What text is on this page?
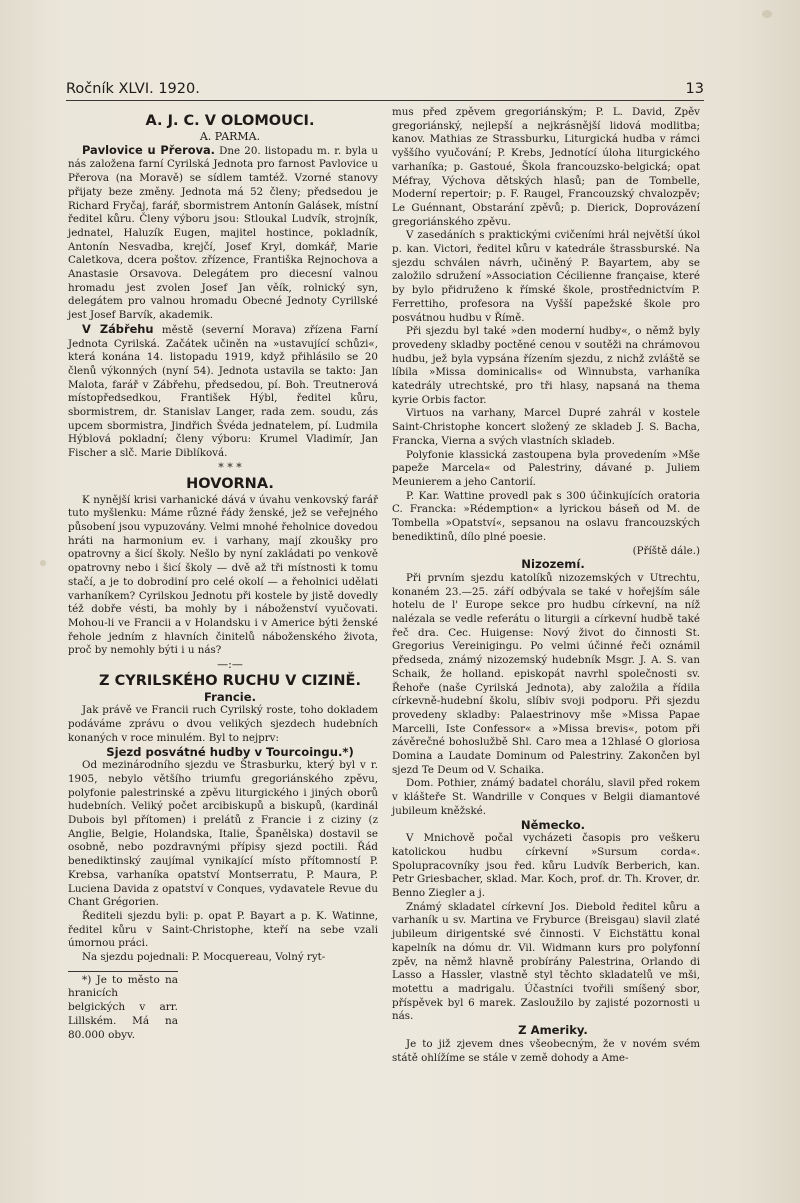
Ročník XLVI. 1920.	13

A. J. C. V OLOMOUCI.

A. PARMA.

Pavlovice u Přerova. Dne 20. listopadu m. r. byla u nás založena farní Cyrilská Jednota pro farnost Pavlovice u Přerova (na Moravě) se sídlem tamtéž. Vzorné stanovy přijaty beze změny. Jednota má 52 členy; předsedou je Richard Fryčaj, farář, sbormistrem Antonín Galásek, místní ředitel kůru. Členy výboru jsou: Stloukal Ludvík, strojník, jednatel, Haluzík Eugen, majitel hostince, pokladník, Antonín Nesvadba, krejčí, Josef Kryl, domkář, Marie Caletkova, dcera poštov. zřízence, Františka Rejnochova a Anastasie Orsavova. Delegátem pro diecesní valnou hromadu jest zvolen Josef Jan věík, rolnický syn, delegátem pro valnou hromadu Obecné Jednoty Cyrillské jest Josef Barvík, akademik.

V Zábřehu městě (severní Morava) zřízena Farní Jednota Cyrilská. Začátek učiněn na »ustavující schůzi«, která konána 14. listopadu 1919, když přihlásilo se 20 členů výkonných (nyní 54). Jednota ustavila se takto: Jan Malota, farář v Zábřehu, předsedou, pí. Boh. Treutnerová místopředsedkou, František Hýbl, ředitel kůru, sbormistrem, dr. Stanislav Langer, rada zem. soudu, zás upcem sbormistra, Jindřich Švéda jednatelem, pí. Ludmila Hýblová pokladní; členy výboru: Krumel Vladimír, Jan Fischer a slč. Marie Diblíková.

* * *

HOVORNA.

K nynější krisi varhanické dává v úvahu venkovský farář tuto myšlenku: Máme různé řády ženské, jež se veřejného působení jsou vypuzovány. Velmi mnohé řeholnice dovedou hráti na harmonium ev. i varhany, mají zkoušky pro opatrovny a šicí školy. Nešlo by nyní zakládati po venkově opatrovny nebo i šicí školy — dvě až tři místnosti k tomu stačí, a je to dobrodiní pro celé okolí — a řeholnici udělati varhaníkem? Cyrilskou Jednotu při kostele by jistě dovedly též dobře vésti, ba mohly by i náboženství vyučovati. Mohou-li ve Francii a v Holandsku i v Americe býti ženské řehole jedním z hlavních činitelů náboženského života, proč by nemohly býti i u nás?

—:—

Z CYRILSKÉHO RUCHU V CIZINĚ.

Francie.

Jak právě ve Francii ruch Cyrilský roste, toho dokladem podáváme zprávu o dvou velikých sjezdech hudebních konaných v roce minulém. Byl to nejprv:

Sjezd posvátné hudby v Tourcoingu.*)

Od mezinárodního sjezdu ve Štrasburku, který byl v r. 1905, nebylo většího triumfu gregoriánského zpěvu, polyfonie palestrinské a zpěvu liturgického i jiných oborů hudebních. Veliký počet arcibiskupů a biskupů, (kardinál Dubois byl přítomen) i prelátů z Francie i z ciziny (z Anglie, Belgie, Holandska, Italie, Španělska) dostavil se osobně, nebo pozdravnými přípisy sjezd poctili. Řád benediktinský zaujímal vynikající místo přítomností P. Krebsa, varhaníka opatství Montserratu, P. Maura, P. Luciena Davida z opatství v Conques, vydavatele Revue du Chant Grégorien.

Řediteli sjezdu byli: p. opat P. Bayart a p. K. Watinne, ředitel kůru v Saint-Christophe, kteří na sebe vzali úmornou práci.

Na sjezdu pojednali: P. Mocquereau, Volný ryt-

*) Je to město na hranicích belgických v arr. Lillském. Má na 80.000 obyv.

mus před zpěvem gregoriánským; P. L. David, Zpěv gregoriánský, nejlepší a nejkrásnější lidová modlitba; kanov. Mathias ze Strassburku, Liturgická hudba v rámci vyššího vyučování; P. Krebs, Jednotící úloha liturgického varhaníka; p. Gastoué, Škola francouzsko-belgická; opat Méfray, Výchova dětských hlasů; pan de Tombelle, Moderní repertoir; p. F. Raugel, Francouzský chvalozpěv; Le Guénnant, Obstarání zpěvů; p. Dierick, Doprovázení gregoriánského zpěvu.

V zasedáních s praktickými cvičeními hrál největší úkol p. kan. Victori, ředitel kůru v katedrále štrassburské. Na sjezdu schválen návrh, učiněný P. Bayartem, aby se založilo sdružení »Association Cécilienne française, které by bylo přidruženo k římské škole, prostřednictvím P. Ferrettiho, profesora na Vyšší papežské škole pro posvátnou hudbu v Římě.

Při sjezdu byl také »den moderní hudby«, o němž byly provedeny skladby poctěné cenou v soutěži na chrámovou hudbu, jež byla vypsána řízením sjezdu, z nichž zvláště se líbila »Missa dominicalis« od Winnubsta, varhaníka katedrály utrechtské, pro tři hlasy, napsaná na thema kyrie Orbis factor.

Virtuos na varhany, Marcel Dupré zahrál v kostele Saint-Christophe koncert složený ze skladeb J. S. Bacha, Francka, Vierna a svých vlastních skladeb.

Polyfonie klassická zastoupena byla provedením »Mše papeže Marcela« od Palestriny, dávané p. Juliem Meunierem a jeho Cantorií.

P. Kar. Wattine provedl pak s 300 účinkujících oratoria C. Francka: »Rédemption« a lyrickou báseň od M. de Tombella »Opatství«, sepsanou na oslavu francouzských benediktinů, dílo plné poesie.

(Příště dále.)

Nizozemí.

Při prvním sjezdu katolíků nizozemských v Utrechtu, konaném 23.—25. září odbývala se také v hořejším sále hotelu de l' Europe sekce pro hudbu církevní, na níž nalézala se vedle referátu o liturgii a církevní hudbě také řeč dra. Cec. Huigense: Nový život do činnosti St. Gregorius Vereinigingu. Po velmi účinné řeči oznámil předseda, známý nizozemský hudebník Msgr. J. A. S. van Schaik, že holland. episkopát navrhl společnosti sv. Řehoře (naše Cyrilská Jednota), aby založila a řídila církevně-hudební školu, slíbiv svoji podporu. Při sjezdu provedeny skladby: Palaestrinovy mše »Missa Papae Marcelli, Iste Confessor« a »Missa brevis«, potom při závěrečné bohoslužbě Shl. Caro mea a 12hlasé O gloriosa Domina a Laudate Dominum od Palestriny. Zakončen byl sjezd Te Deum od V. Schaika.

Dom. Pothier, známý badatel chorálu, slavil před rokem v klášteře St. Wandrille v Conques v Belgii diamantové jubileum kněžské.

Německo.

V Mnichově počal vycházeti časopis pro veškeru katolickou hudbu církevní »Sursum corda«. Spolupracovníky jsou řed. kůru Ludvík Berberich, kan. Petr Griesbacher, sklad. Mar. Koch, prof. dr. Th. Krover, dr. Benno Ziegler a j.

Známý skladatel církevní Jos. Diebold ředitel kůru a varhaník u sv. Martina ve Fryburce (Breisgau) slavil zlaté jubileum dirigentské své činnosti. V Eichstättu konal kapelník na dómu dr. Vil. Widmann kurs pro polyfonní zpěv, na němž hlavně probírány Palestrina, Orlando di Lasso a Hassler, vlastně styl těchto skladatelů ve mši, motettu a madrigalu. Účastníci tvořili smíšený sbor, příspěvek byl 6 marek. Zasloužilo by zajisté pozornosti u nás.

Z Ameriky.

Je to již zjevem dnes všeobecným, že v novém svém státě ohlížíme se stále v země dohody a Ame-
